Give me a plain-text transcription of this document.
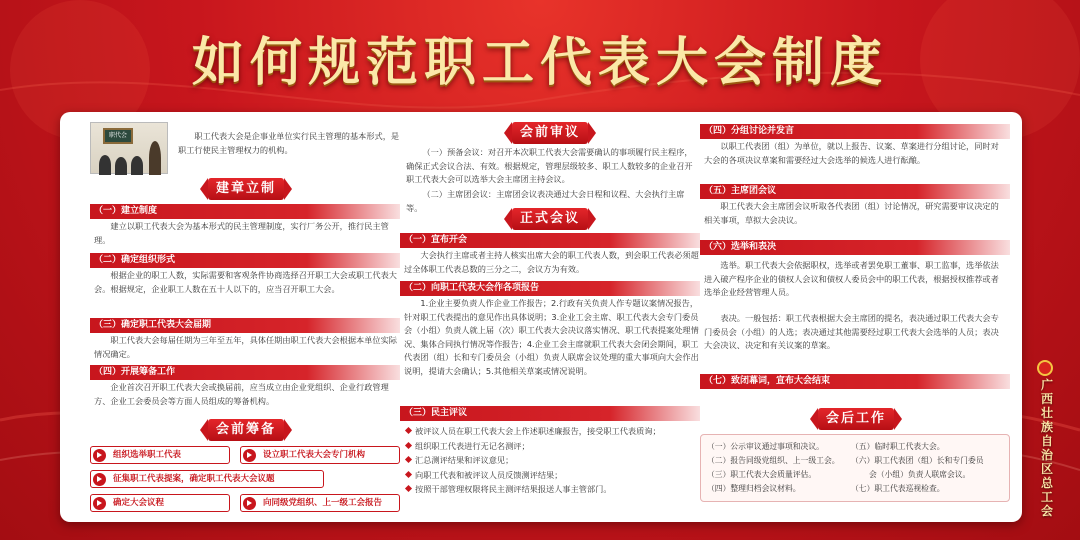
如何规范职工代表大会制度
职代会	职工代表大会是企事业单位实行民主管理的基本形式，是职工行使民主管理权力的机构。
建章立制
（一）建立制度
建立以职工代表大会为基本形式的民主管理制度，实行厂务公开，推行民主管理。
（二）确定组织形式
根据企业的职工人数，实际需要和客观条件协商选择召开职工大会或职工代表大会。根据规定，企业职工人数在五十人以下的，应当召开职工大会。
（三）确定职工代表大会届期
职工代表大会每届任期为三年至五年，具体任期由职工代表大会根据本单位实际情况确定。
（四）开展筹备工作
企业首次召开职工代表大会或换届前，应当成立由企业党组织、企业行政管理方、企业工会委员会等方面人员组成的筹备机构。
会前筹备
组织选举职工代表	设立职工代表大会专门机构
征集职工代表提案，确定职工代表大会议题
确定大会议程	向同级党组织、上一级工会报告
会前审议
（一）预备会议：对召开本次职工代表大会需要确认的事项履行民主程序，确保正式会议合法、有效。根据规定，管理层级较多、职工人数较多的企业召开职工代表大会可以选举大会主席团主持会议。
（二）主席团会议：主席团会议表决通过大会日程和议程、大会执行主席等。
正式会议
（一）宣布开会
大会执行主席或者主持人核实出席大会的职工代表人数，到会职工代表必须超过全体职工代表总数的三分之二，会议方为有效。
（二）向职工代表大会作各项报告
1.企业主要负责人作企业工作报告；2.行政有关负责人作专题议案情况报告，针对职工代表提出的意见作出具体说明；3.企业工会主席、职工代表大会专门委员会（小组）负责人就上届（次）职工代表大会决议落实情况、职工代表提案处理情况、集体合同执行情况等作报告；4.企业工会主席就职工代表大会闭会期间，职工代表团（组）长和专门委员会（小组）负责人联席会议处理的重大事项向大会作出说明，提请大会确认；5.其他相关草案或情况说明。
（三）民主评议
被评议人员在职工代表大会上作述职述廉报告，接受职工代表质询；
组织职工代表进行无记名测评；
汇总测评结果和评议意见；
向职工代表和被评议人员反馈测评结果；
按照干部管理权限将民主测评结果报送人事主管部门。
（四）分组讨论并发言
以职工代表团（组）为单位，就以上报告、议案、草案进行分组讨论，同时对大会的各项决议草案和需要经过大会选举的候选人进行酝酿。
（五）主席团会议
职工代表大会主席团会议听取各代表团（组）讨论情况，研究需要审议决定的相关事项，草拟大会决议。
（六）选举和表决
选举。职工代表大会依据职权，选举或者罢免职工董事、职工监事，选举依法进入破产程序企业的债权人会议和债权人委员会中的职工代表，根据授权推荐或者选举企业经营管理人员。
表决。一般包括：职工代表根据大会主席团的提名，表决通过职工代表大会专门委员会（小组）的人选；表决通过其他需要经过职工代表大会选举的人员；表决大会决议、决定和有关议案的草案。
（七）致闭幕词，宣布大会结束
会后工作
（一）公示审议通过事项和决议。
（二）报告同级党组织、上一级工会。
（三）职工代表大会质量评估。
（四）整理归档会议材料。
（五）临时职工代表大会。
（六）职工代表团（组）长和专门委员
会（小组）负责人联席会议。
（七）职工代表巡视检查。
广
西
壮
族
自
治
区
总
工
会
